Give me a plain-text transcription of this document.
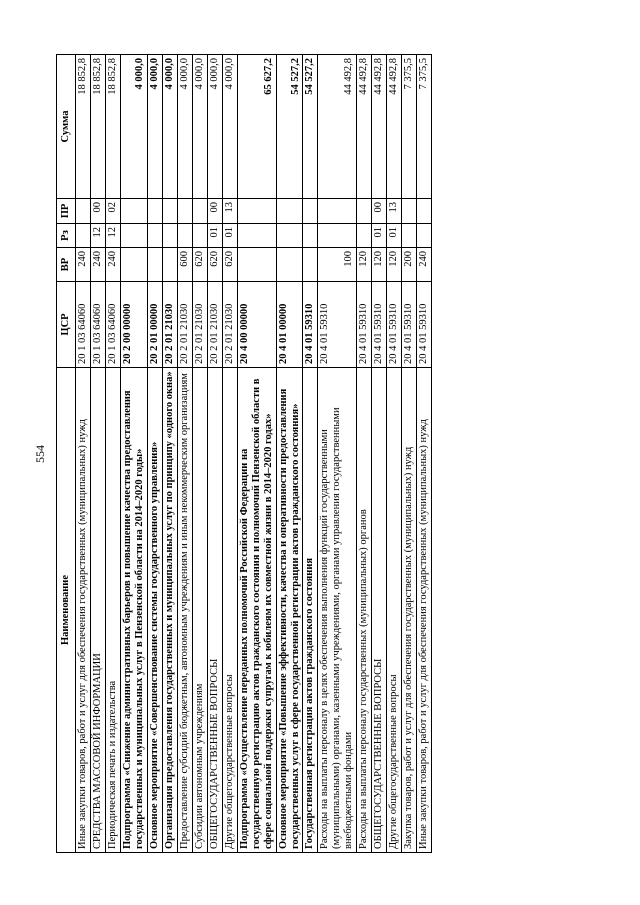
554
Наименование	ЦСР	ВР	Рз	ПР	Сумма
Иные закупки товаров, работ и услуг для обеспечения государственных (муниципальных) нужд	20 1 03 64060	240			18 852,8
СРЕДСТВА МАССОВОЙ ИНФОРМАЦИИ	20 1 03 64060	240	12	00	18 852,8
Периодическая печать и издательства	20 1 03 64060	240	12	02	18 852,8
Подпрограмма «Снижение административных барьеров и повышение качества предоставления государственных и муниципальных услуг в Пензенской области на 2014–2020 годы»	20 2 00 00000				4 000,0
Основное мероприятие «Совершенствование системы государственного управления»	20 2 01 00000				4 000,0
Организация предоставления государственных и муниципальных услуг по принципу «одного окна»	20 2 01 21030				4 000,0
Предоставление субсидий бюджетным, автономным учреждениям и иным некоммерческим организациям	20 2 01 21030	600			4 000,0
Субсидии автономным учреждениям	20 2 01 21030	620			4 000,0
ОБЩЕГОСУДАРСТВЕННЫЕ ВОПРОСЫ	20 2 01 21030	620	01	00	4 000,0
Другие общегосударственные вопросы	20 2 01 21030	620	01	13	4 000,0
Подпрограмма «Осуществление переданных полномочий Российской Федерации на государственную регистрацию актов гражданского состояния и полномочий Пензенской области в сфере социальной поддержки супругам к юбилеям их совместной жизни в 2014–2020 годах»	20 4 00 00000				65 627,2
Основное мероприятие «Повышение эффективности, качества и оперативности предоставления государственных услуг в сфере государственной регистрации актов гражданского состояния»	20 4 01 00000				54 527,2
Государственная регистрация актов гражданского состояния	20 4 01 59310				54 527,2
Расходы на выплаты персоналу в целях обеспечения выполнения функций государственными (муниципальными) органами, казенными учреждениями, органами управления государственными внебюджетными фондами	20 4 01 59310	100			44 492,8
Расходы на выплаты персоналу государственных (муниципальных) органов	20 4 01 59310	120			44 492,8
ОБЩЕГОСУДАРСТВЕННЫЕ ВОПРОСЫ	20 4 01 59310	120	01	00	44 492,8
Другие общегосударственные вопросы	20 4 01 59310	120	01	13	44 492,8
Закупка товаров, работ и услуг для обеспечения государственных (муниципальных) нужд	20 4 01 59310	200			7 375,5
Иные закупки товаров, работ и услуг для обеспечения государственных (муниципальных) нужд	20 4 01 59310	240			7 375,5
